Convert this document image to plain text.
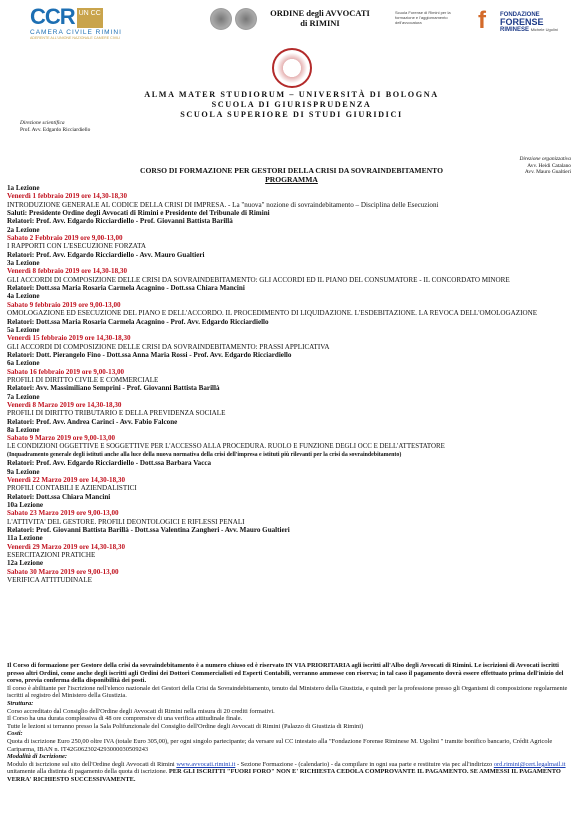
CCR UN CC
CAMERA CIVILE RIMINI
ADERENTE ALL'UNIONE NAZIONALE CAMERE CIVILI
ORDINE degli AVVOCATI
di RIMINI
Scuola Forense di Rimini per la formazione e l'aggiornamento dell'avvocatura	f FONDAZIONE
FORENSE
RIMINESE Michele Ugolini
ALMA MATER STUDIORUM – UNIVERSITÀ DI BOLOGNA
SCUOLA DI GIURISPRUDENZA
SCUOLA SUPERIORE DI STUDI GIURIDICI
Direzione scientifica
Prof. Avv. Edgardo Ricciardiello
Direzione organizzativa
Avv. Heidi Catalano
Avv. Mauro Gualtieri
CORSO DI FORMAZIONE PER GESTORI DELLA CRISI DA SOVRAINDEBITAMENTO
PROGRAMMA
1a Lezione
Venerdì 1 febbraio 2019 ore 14,30-18,30
INTRODUZIONE GENERALE AL CODICE DELLA CRISI DI IMPRESA. - La "nuova" nozione di sovraindebitamento – Disciplina delle Esecuzioni
Saluti: Presidente Ordine degli Avvocati di Rimini e Presidente del Tribunale di Rimini
Relatori: Prof. Avv. Edgardo Ricciardiello - Prof. Giovanni Battista Barillà
2a Lezione
Sabato 2 Febbraio 2019 ore 9,00-13,00
I RAPPORTI CON L'ESECUZIONE FORZATA
Relatori: Prof. Avv. Edgardo Ricciardiello - Avv. Mauro Gualtieri
3a Lezione
Venerdì 8 febbraio 2019 ore 14,30-18,30
GLI ACCORDI DI COMPOSIZIONE DELLE CRISI DA SOVRAINDEBITAMENTO: GLI ACCORDI ED IL PIANO DEL CONSUMATORE - IL CONCORDATO MINORE
Relatori: Dott.ssa Maria Rosaria Carmela Acagnino - Dott.ssa Chiara Mancini
4a Lezione
Sabato 9 febbraio 2019 ore 9,00-13,00
OMOLOGAZIONE ED ESECUZIONE DEL PIANO E DELL'ACCORDO. IL PROCEDIMENTO DI LIQUIDAZIONE. L'ESDEBITAZIONE. LA REVOCA DELL'OMOLOGAZIONE
Relatori: Dott.ssa Maria Rosaria Carmela Acagnino - Prof. Avv. Edgardo Ricciardiello
5a Lezione
Venerdì 15 febbraio 2019 ore 14,30-18,30
GLI ACCORDI DI COMPOSIZIONE DELLE CRISI DA SOVRAINDEBITAMENTO: PRASSI APPLICATIVA
Relatori: Dott. Pierangelo Fino - Dott.ssa Anna Maria Rossi - Prof. Avv. Edgardo Ricciardiello
6a Lezione
Sabato 16 febbraio 2019 ore 9,00-13,00
PROFILI DI DIRITTO CIVILE E COMMERCIALE
Relatori: Avv. Massimiliano Semprini - Prof. Giovanni Battista Barillà
7a Lezione
Venerdì 8 Marzo 2019 ore 14,30-18,30
PROFILI DI DIRITTO TRIBUTARIO E DELLA PREVIDENZA SOCIALE
Relatori: Prof. Avv. Andrea Carinci - Avv. Fabio Falcone
8a Lezione
Sabato 9 Marzo 2019 ore 9,00-13,00
LE CONDIZIONI OGGETTIVE E SOGGETTIVE PER L'ACCESSO ALLA PROCEDURA. RUOLO E FUNZIONE DEGLI OCC E DELL'ATTESTATORE
(Inquadramento generale degli istituti anche alla luce della nuova normativa della crisi dell'impresa e istituti più rilevanti per la crisi da sovraindebitamento)
Relatori: Prof. Avv. Edgardo Ricciardiello - Dott.ssa Barbara Vacca
9a Lezione
Venerdì 22 Marzo 2019 ore 14,30-18,30
PROFILI CONTABILI E AZIENDALISTICI
Relatori: Dott.ssa Chiara Mancini
10a Lezione
Sabato 23 Marzo 2019 ore 9,00-13,00
L'ATTIVITA' DEL GESTORE. PROFILI DEONTOLOGICI E RIFLESSI PENALI
Relatori: Prof. Giovanni Battista Barillà - Dott.ssa Valentina Zangheri - Avv. Mauro Gualtieri
11a Lezione
Venerdì 29 Marzo 2019 ore 14,30-18,30
ESERCITAZIONI PRATICHE
12a Lezione
Sabato 30 Marzo 2019 ore 9,00-13,00
VERIFICA ATTITUDINALE
Il Corso di formazione per Gestore della crisi da sovraindebitamento è a numero chiuso ed è riservato IN VIA PRIORITARIA agli iscritti all'Albo degli Avvocati di Rimini. Le iscrizioni di Avvocati iscritti presso altri Ordini, come anche degli iscritti agli Ordini dei Dottori Commercialisti ed Esperti Contabili, verranno ammesse con riserva; in tal caso il pagamento dovrà essere effettuato prima dell'inizio del corso, previa conferma della disponibilità dei posti.
Il corso è abilitante per l'iscrizione nell'elenco nazionale dei Gestori della Crisi da Sovraindebitamento, tenuto dal Ministero della Giustizia, e quindi per la professione presso gli Organismi di composizione regolarmente iscritti al registro del Ministero della Giustizia.
Struttura:
Corso accreditato dal Consiglio dell'Ordine degli Avvocati di Rimini nella misura di 20 crediti formativi.
Il Corso ha una durata complessiva di 48 ore comprensive di una verifica attitudinale finale.
Tutte le lezioni si terranno presso la Sala Polifunzionale del Consiglio dell'Ordine degli Avvocati di Rimini (Palazzo di Giustizia di Rimini)
Costi:
Quota di iscrizione Euro 250,00 oltre IVA (totale Euro 305,00), per ogni singolo partecipante; da versare sul CC intestato alla "Fondazione Forense Riminese M. Ugolini " tramite bonifico bancario, Crédit Agricole Cariparma, IBAN n. IT42G0623024293000030509243
Modalità di Iscrizione:
Modulo di iscrizione sul sito dell'Ordine degli Avvocati di Rimini www.avvocati.rimini.it - Sezione Formazione - (calendario) - da compilare in ogni sua parte e restituire via pec all'indirizzo ord.rimini@cert.legalmail.it unitamente alla distinta di pagamento della quota di iscrizione. PER GLI ISCRITTI "FUORI FORO" NON E' RICHIESTA CEDOLA COMPROVANTE IL PAGAMENTO. SE AMMESSI IL PAGAMENTO VERRA' RICHIESTO SUCCESSIVAMENTE.
